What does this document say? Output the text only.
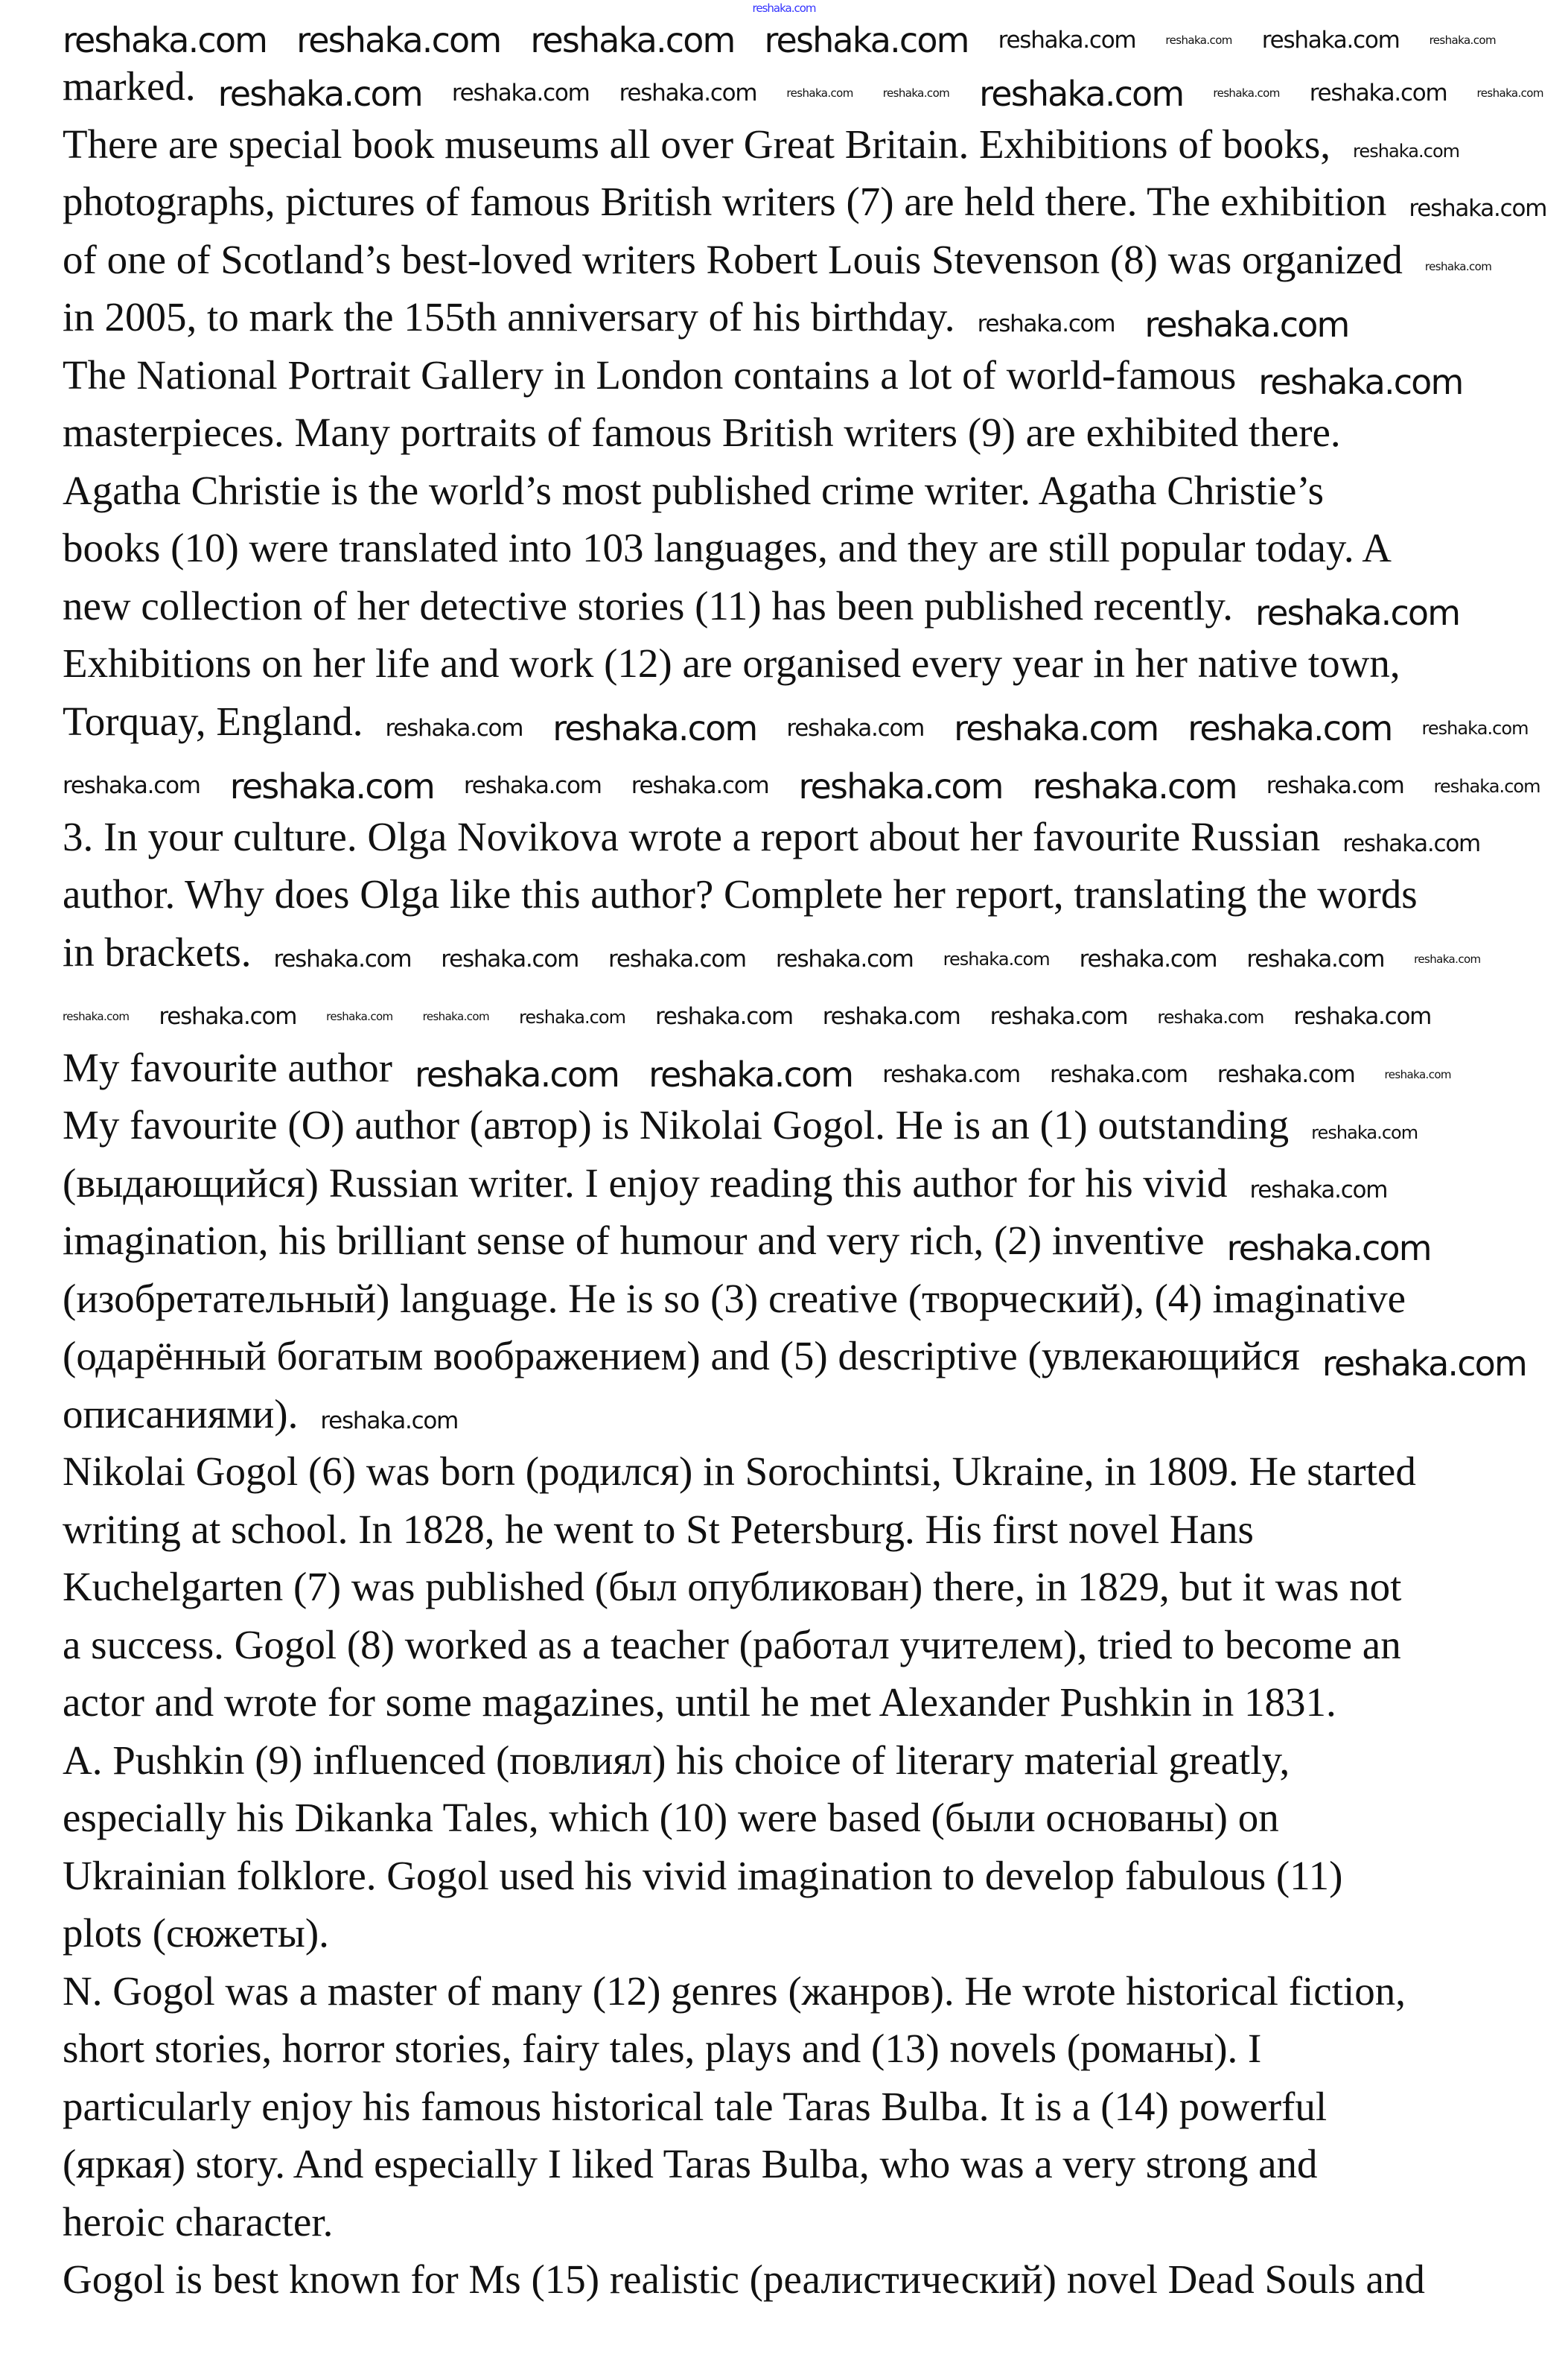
reshaka.com
marked.
There are special book museums all over Great Britain. Exhibitions of books,
photographs, pictures of famous British writers (7) are held there. The exhibition
of one of Scotland’s best-loved writers Robert Louis Stevenson (8) was organized
in 2005, to mark the 155th anniversary of his birthday.
The National Portrait Gallery in London contains a lot of world-famous
masterpieces. Many portraits of famous British writers (9) are exhibited there.
Agatha Christie is the world’s most published crime writer. Agatha Christie’s
books (10) were translated into 103 languages, and they are still popular today. A
new collection of her detective stories (11) has been published recently.
Exhibitions on her life and work (12) are organised every year in her native town,
Torquay, England.
3. In your culture. Olga Novikova wrote a report about her favourite Russian
author. Why does Olga like this author? Complete her report, translating the words
in brackets.
My favourite author
My favourite (O) author (автор) is Nikolai Gogol. He is an (1) outstanding
(выдающийся) Russian writer. I enjoy reading this author for his vivid
imagination, his brilliant sense of humour and very rich, (2) inventive
(изобретательный) language. He is so (3) creative (творческий), (4) imaginative
(одарённый богатым воображением) and (5) descriptive (увлекающийся
описаниями).
Nikolai Gogol (6) was born (родился) in Sorochintsi, Ukraine, in 1809. He started
writing at school. In 1828, he went to St Petersburg. His first novel Hans
Kuchelgarten (7) was published (был опубликован) there, in 1829, but it was not
a success. Gogol (8) worked as a teacher (работал учителем), tried to become an
actor and wrote for some magazines, until he met Alexander Pushkin in 1831.
A. Pushkin (9) influenced (повлиял) his choice of literary material greatly,
especially his Dikanka Tales, which (10) were based (были основаны) on
Ukrainian folklore. Gogol used his vivid imagination to develop fabulous (11)
plots (сюжеты).
N. Gogol was a master of many (12) genres (жанров). He wrote historical fiction,
short stories, horror stories, fairy tales, plays and (13) novels (романы). I
particularly enjoy his famous historical tale Taras Bulba. It is a (14) powerful
(яркая) story. And especially I liked Taras Bulba, who was a very strong and
heroic character.
Gogol is best known for Ms (15) realistic (реалистический) novel Dead Souls and
reshaka.com reshaka.com reshaka.com reshaka.com reshaka.com	reshaka.com reshaka.com	reshaka.com
reshaka.com reshaka.com reshaka.com	reshaka.com	reshaka.com reshaka.com	reshaka.com reshaka.com	reshaka.com
reshaka.com
reshaka.com
reshaka.com
reshaka.com reshaka.com
reshaka.com
reshaka.com
reshaka.com reshaka.com reshaka.com reshaka.com reshaka.com reshaka.com
reshaka.com reshaka.com reshaka.com reshaka.com reshaka.com reshaka.com reshaka.com reshaka.com
reshaka.com
reshaka.com reshaka.com reshaka.com reshaka.com reshaka.com reshaka.com reshaka.com	reshaka.com
reshaka.com reshaka.com	reshaka.com	reshaka.com reshaka.com reshaka.com reshaka.com reshaka.com reshaka.com reshaka.com
reshaka.com reshaka.com reshaka.com reshaka.com reshaka.com	reshaka.com
reshaka.com
reshaka.com
reshaka.com
reshaka.com
reshaka.com
